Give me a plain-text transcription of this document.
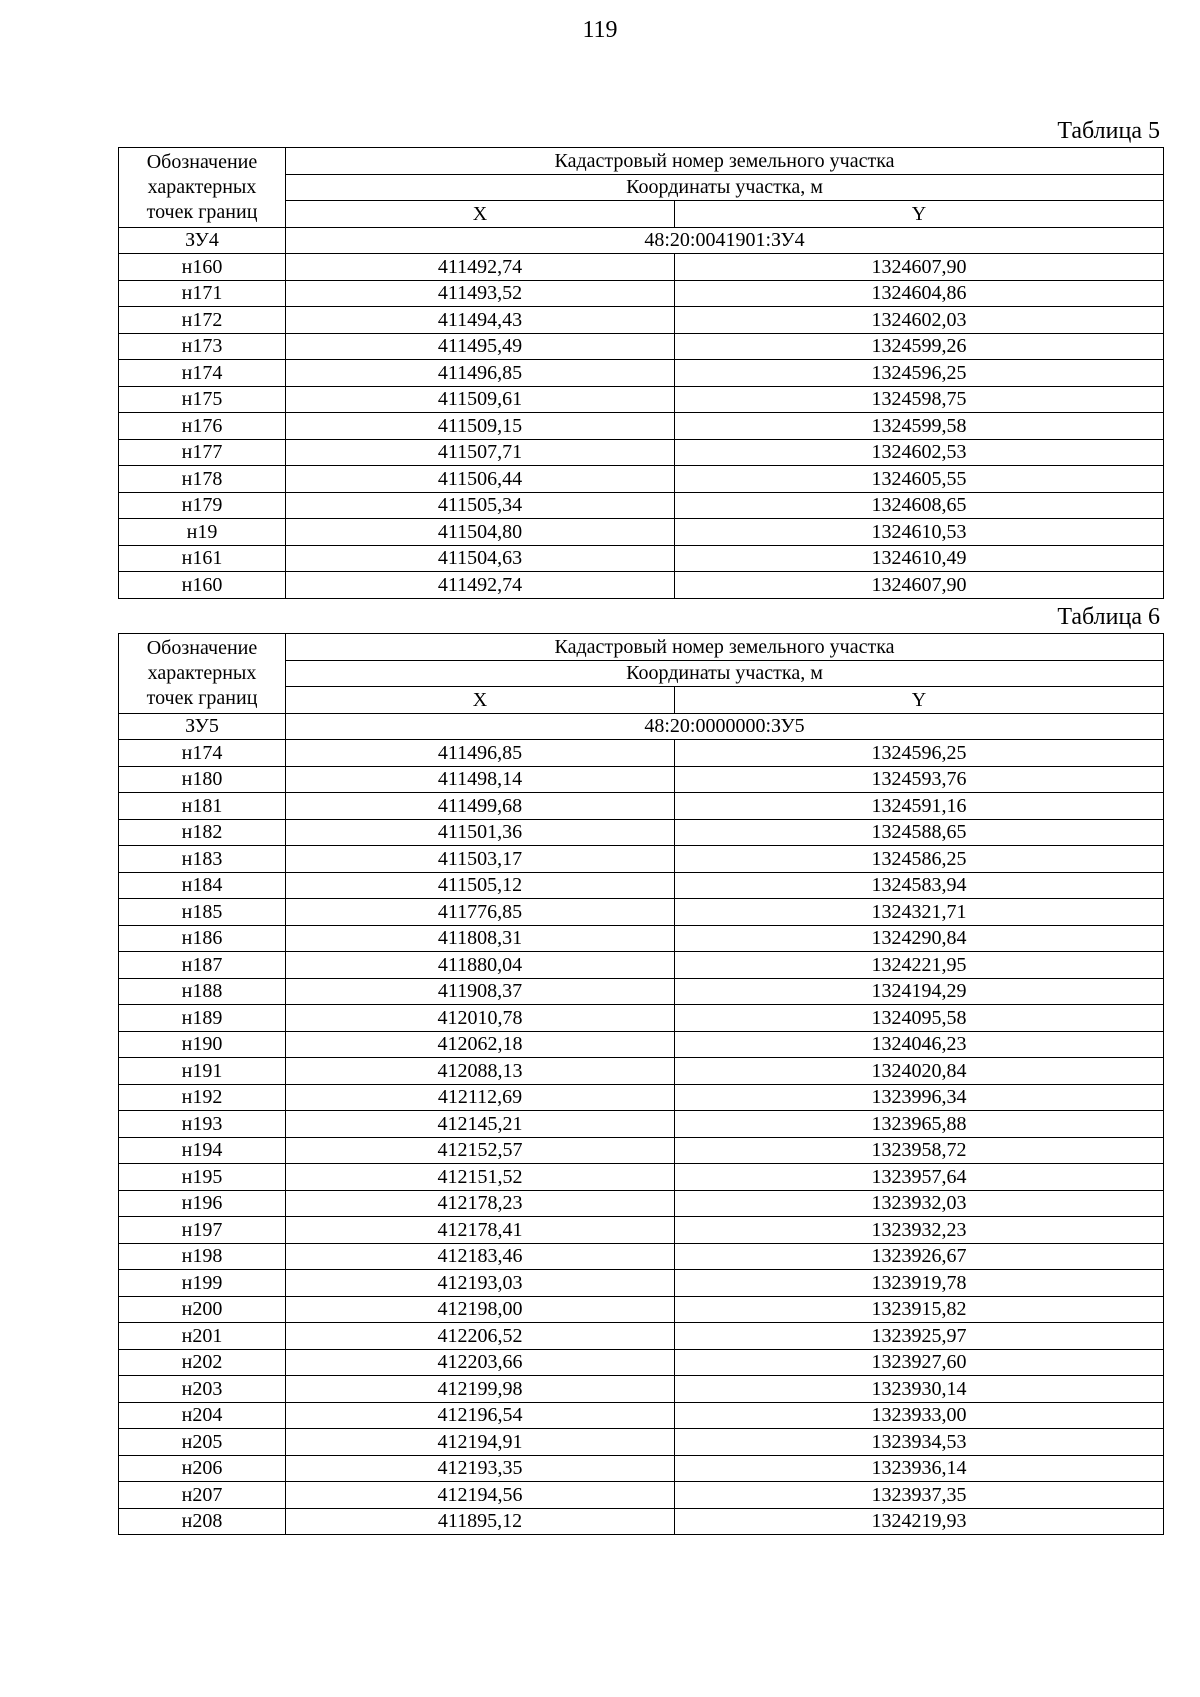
119
Таблица 5
Обозначение
характерных
точек границ	Кадастровый номер земельного участка	
	Координаты участка, м	
	X	Y
ЗУ4	48:20:0041901:ЗУ4	
н160	411492,74	1324607,90
н171	411493,52	1324604,86
н172	411494,43	1324602,03
н173	411495,49	1324599,26
н174	411496,85	1324596,25
н175	411509,61	1324598,75
н176	411509,15	1324599,58
н177	411507,71	1324602,53
н178	411506,44	1324605,55
н179	411505,34	1324608,65
н19	411504,80	1324610,53
н161	411504,63	1324610,49
н160	411492,74	1324607,90
Таблица 6
Обозначение
характерных
точек границ	Кадастровый номер земельного участка	
	Координаты участка, м	
	X	Y
ЗУ5	48:20:0000000:ЗУ5	
н174	411496,85	1324596,25
н180	411498,14	1324593,76
н181	411499,68	1324591,16
н182	411501,36	1324588,65
н183	411503,17	1324586,25
н184	411505,12	1324583,94
н185	411776,85	1324321,71
н186	411808,31	1324290,84
н187	411880,04	1324221,95
н188	411908,37	1324194,29
н189	412010,78	1324095,58
н190	412062,18	1324046,23
н191	412088,13	1324020,84
н192	412112,69	1323996,34
н193	412145,21	1323965,88
н194	412152,57	1323958,72
н195	412151,52	1323957,64
н196	412178,23	1323932,03
н197	412178,41	1323932,23
н198	412183,46	1323926,67
н199	412193,03	1323919,78
н200	412198,00	1323915,82
н201	412206,52	1323925,97
н202	412203,66	1323927,60
н203	412199,98	1323930,14
н204	412196,54	1323933,00
н205	412194,91	1323934,53
н206	412193,35	1323936,14
н207	412194,56	1323937,35
н208	411895,12	1324219,93
